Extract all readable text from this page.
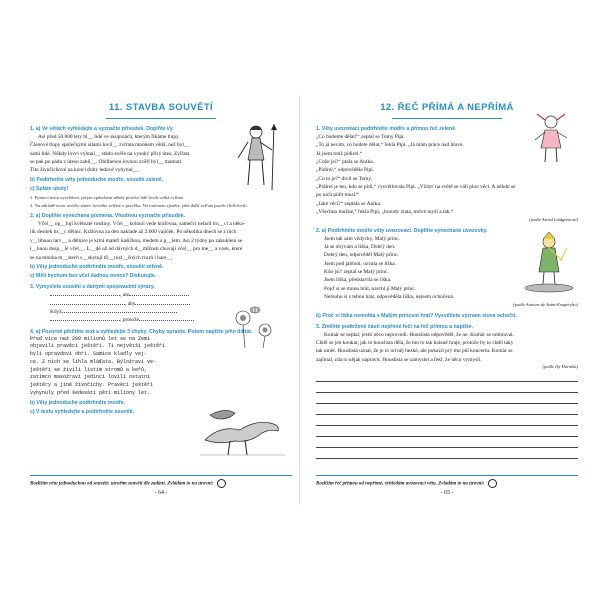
11. STAVBA SOUVĚTÍ
1. a) Ve větách vyhledejte a vyznačte přísudek. Doplňte i/y.

Asi před 50.000 lety bl__ lidé ve skupinách, kterým říkáme tlupy.

Členové tlupy společnými silami lovil__ zvířata mnohem větší, než byl__

sami lidé. Někdy lovci vyhnal__ stádo zvěře na vysoký přírý útes. Zvířata

se pak po pádu z útesu zabil__. Oblíbenou lovnou zvěří byl__ mamuti.

Tito živočichové na konci doby ledové vyhynul__.

b) Podtrhněte věty jednoduché modře, souvětí zeleně.
c) Spláte úkoly!
1. Pomocí textu vysvětlete, jakým způsobem někdy pravěcí lidé lovili velká zvířata.
2. Na základě textu uveďte název lovného zvířete v pravěku. Na internetu zjistěte, jaká další zvířata pravěcí lidé lovili.
2. a) Doplňte vynechaná písmena. Vhodnou vyznačte přísudek.

Včel__ op__lují květnaté rostliny. Včel__ kolonii vede královna, samečci nebolí tru__ci a něko-

lik desítek tis__c dělnic. Královna za den naklade až 2.000 vajíček. Po několika dnech se z nich

v__lihnou larv__ a dělnice je krmí mateří kašičkou, medem a p__lem. Asi 2 týdny po zakuklení se

l__hnou dosp__lé včel__. L__dé už od dávných d__mlžosti chovají včel__ pro me__ a vosk, které

se na mnoha m__stech s__skytují tři__rozl__čných tvarů i bare__.

b) Věty jednoduché podtrhněte modře, souvětí zeleně.
c) Měli bychom bez včel žádnou ovoce? Diskutujte.
3. Vymyslete souvětí s danými spojovacími výrazy.

, ale

, aby

Když

, protože

4. a) Pozorně přečtěte text a vyhledejte 3 chyby. Chyby opravte. Potom napište jeho diktát.
Před více než 200 milionů let se na Zemi
objevili pravěcí ještěři. Ti největší ještěři
byli opravdoví obři. Samice kladly vej-
ce. Z nich se líhla mláďata. Býložraví ve-
ještěři se živili listím stromů a keřů,
zatímco masožraví jedinci lovili ostatní
ještěry a jiné živočichy. Pravěcí ještěři
vyhynuly před šedesáti pěti miliony let.
b) Věty jednoduché podtrhněte modře.
c) V textu vyhledejte a podtrhněte souvětí.
Rozliším větu jednoduchou od souvětí; utvořím souvětí dle zadání. Zvládám to na úrovni:
- 64 -
12. ŘEČ PŘÍMÁ A NEPŘÍMÁ
1. Věty uvozovací podtrhněte modře a přímou řeč zeleně.

„Co budeme dělat?“ zeptal se Tomy Pipi.

„To já nevím, co budete dělat,“ řekla Pipi. „Já mám práce nad hlavu.

Já jsem totiž pídirel.“

„Cože jsi?“ ptala se Anika.

„Pídirel,“ odpověděla Pipi.

„Co to je?“ divil se Tomy.

„Pídirel je ten, kdo se pídí,“ vysvětlovala Pipi. „Vždyť na světě se válí plno věcí. A někdo se

po nich pídit musí!“

„Jaké věci?“ zeptala se Anika.

„Všechno možné,“ řekla Pipi, „hroudy zlata, mrtvé myši a tak.“

(podle Astrid Lindgrenové)
2. a) Podtrhněte modře věty uvozovací. Doplňte vynechané uvozovky.

Jsem tak sám vždycky, Malý princ.

Já se obývám a liška, Dobrý den.

Dobrý den, odpověděl Malý princ.

Jsem pod jabloní, ozvala se liška.

Kdo jsi? zeptal se Malý princ.

Jsem liška, představila se liška.

Pojď si se mnou hrát, navrhl jí Malý princ.

Nemohu si s tebou hrát, odpověděla liška, nejsem ochočená.

(podle Antoine de Saint-Exupéryho)
b) Proč si liška nemohla s Malým princem hrát? Vysvětlete význam slova ochočit.
3. Změňte podtržené části nepřímé řeči na řeč přímou a napište.

Komár se zeptal, jestli něco neprovedl. Houslista odpověděl, že ne. Komár se omlouval.

Chtěl se jen koukat, jak to houslista dělá, že mu to tak krásně hraje, protože by to chtěl taky

tak umět. Houslista uznal, že je to od něj hezké, ale pokazil prý mu půl koncertu. Komár se

zajímal, zda to nějak napravit. Houslista se zamyslel a řekl, že něco vymyslí.

(podle Ilji Hurníka)
Rozlišim řeč přímou od nepřímé, vyhledám uvozovací větu. Zvládám to na úrovni:
- 65 -
